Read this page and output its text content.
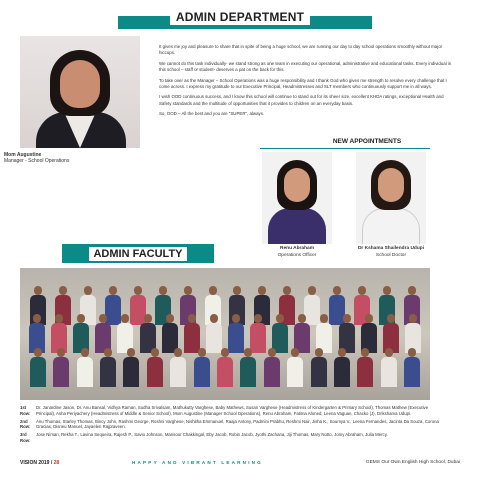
ADMIN DEPARTMENT
Mom Augustine
Manager - School Operations

It gives me joy and pleasure to share that in spite of being a huge school, we are running our day to day school operations smoothly without major hiccups.

We cannot do this task individually- we stand strong as one team in executing our operational, administrative and educational tasks. Every individual in this school – staff or student- deserves a pat on the back for this.

To take over as the Manager – School Operations was a huge responsibility and I thank God who gives me strength to resolve every challenge that I come across. I express my gratitude to our Executive Principal, Headmistresses and SLT members who continuously support me in all ways.

I wish OOD continuous success, and I know this school will continue to stand out for its sheer size, excellent KHDA ratings, exceptional Health and Safety standards and the multitude of opportunities that it provides to children on an everyday basis.

So, OOD – All the best and you are "SUPER", always.

NEW APPOINTMENTS
Renu Abraham
Operations Officer
Dr Kshama Shailendra Udupi
School Doctor
ADMIN FACULTY
1st Row:
Dr. Janardine Jason, Dr. Anu Bansal, Vidhya Raman, Sudha Srivalsam, Mathukutty Varghese, Baby Mathews, Susan Varghese (Headmistress of Kindergarten & Primary School), Thomas Mathew (Executive Principal), Asha Periyachery (Headmistress of Middle & Senior School), Mom Augustine (Manager School Operations), Renu Abraham, Fatima Ahmed, Leena Vaguan, Chacko (J), Drikshama Udupi.
2nd Row:
Anu Thomas, Starley Thomas, Bincy John, Rashmi George, Roshni Varghese, Nishitha Emmanuel, Raaja Antony, Padmini Prabhu, Reshmi Nair, Jisha K., Soumya V., Leena Fernandes, Jacinta Da Souza, Corona Gracias, Disneu Manuel, Jayaelen Rajpraveen.
3rd Row:
Jose Niman, Rekha T., Lavina Sequeira, Rajesh P., Savio Johnson, Mansoor Chakkingal, Eby Jacob, Robin Jacob, Jyothi Zachana, Jiji Thomas, Mary Notto, Jomy Abraham, Julia Mercy.
VISION 2019 / 28	HAPPY AND VIBRANT LEARNING	GEMS Our Own English High School, Dubai
